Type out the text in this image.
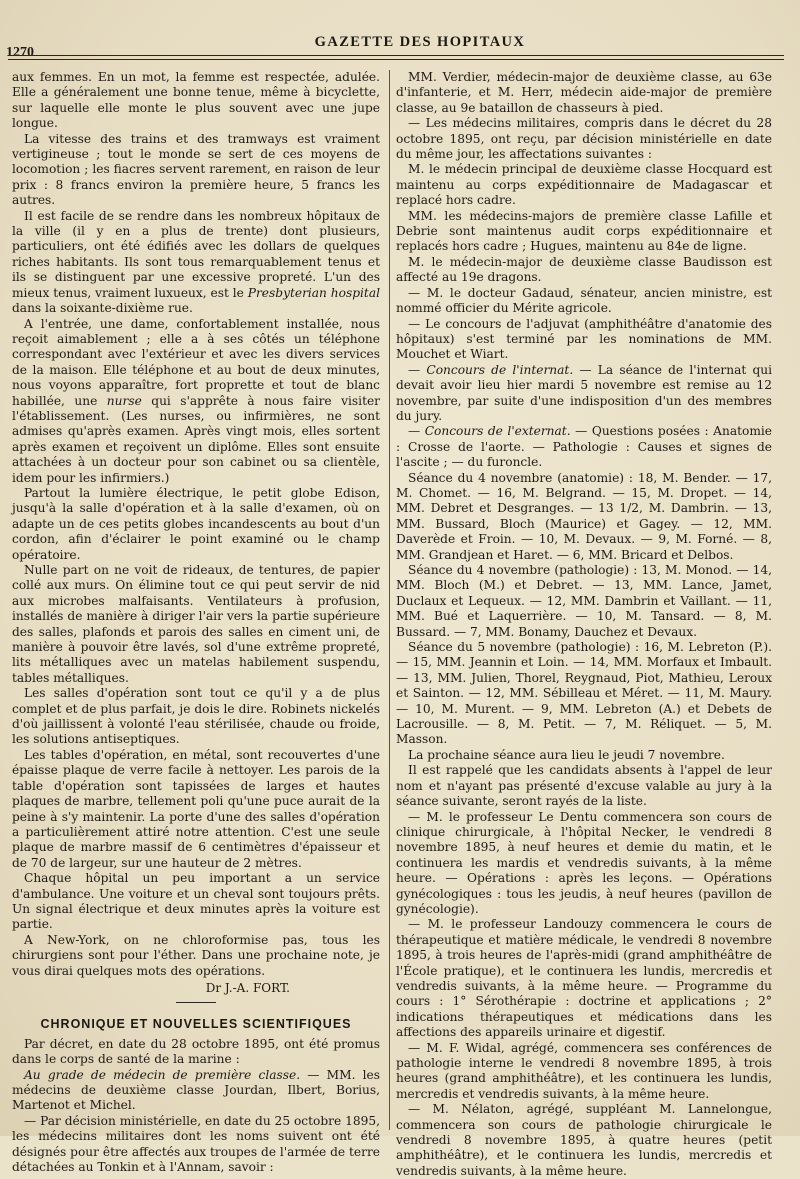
1270
GAZETTE DES HOPITAUX

aux femmes. En un mot, la femme est respectée, adulée. Elle a généralement une bonne tenue, même à bicyclette, sur laquelle elle monte le plus souvent avec une jupe longue.

La vitesse des trains et des tramways est vraiment vertigineuse ; tout le monde se sert de ces moyens de locomotion ; les fiacres servent rarement, en raison de leur prix : 8 francs environ la première heure, 5 francs les autres.

Il est facile de se rendre dans les nombreux hôpitaux de la ville (il y en a plus de trente) dont plusieurs, particuliers, ont été édifiés avec les dollars de quelques riches habitants. Ils sont tous remarquablement tenus et ils se distinguent par une excessive propreté. L'un des mieux tenus, vraiment luxueux, est le Presbyterian hospital dans la soixante-dixième rue.

A l'entrée, une dame, confortablement installée, nous reçoit aimablement ; elle a à ses côtés un téléphone correspondant avec l'extérieur et avec les divers services de la maison. Elle téléphone et au bout de deux minutes, nous voyons apparaître, fort proprette et tout de blanc habillée, une nurse qui s'apprête à nous faire visiter l'établissement. (Les nurses, ou infirmières, ne sont admises qu'après examen. Après vingt mois, elles sortent après examen et reçoivent un diplôme. Elles sont ensuite attachées à un docteur pour son cabinet ou sa clientèle, idem pour les infirmiers.)

Partout la lumière électrique, le petit globe Edison, jusqu'à la salle d'opération et à la salle d'examen, où on adapte un de ces petits globes incandescents au bout d'un cordon, afin d'éclairer le point examiné ou le champ opératoire.

Nulle part on ne voit de rideaux, de tentures, de papier collé aux murs. On élimine tout ce qui peut servir de nid aux microbes malfaisants. Ventilateurs à profusion, installés de manière à diriger l'air vers la partie supérieure des salles, plafonds et parois des salles en ciment uni, de manière à pouvoir être lavés, sol d'une extrême propreté, lits métalliques avec un matelas habilement suspendu, tables métalliques.

Les salles d'opération sont tout ce qu'il y a de plus complet et de plus parfait, je dois le dire. Robinets nickelés d'où jaillissent à volonté l'eau stérilisée, chaude ou froide, les solutions antiseptiques.

Les tables d'opération, en métal, sont recouvertes d'une épaisse plaque de verre facile à nettoyer. Les parois de la table d'opération sont tapissées de larges et hautes plaques de marbre, tellement poli qu'une puce aurait de la peine à s'y maintenir. La porte d'une des salles d'opération a particulièrement attiré notre attention. C'est une seule plaque de marbre massif de 6 centimètres d'épaisseur et de 70 de largeur, sur une hauteur de 2 mètres.

Chaque hôpital un peu important a un service d'ambulance. Une voiture et un cheval sont toujours prêts. Un signal électrique et deux minutes après la voiture est partie.

A New-York, on ne chloroformise pas, tous les chirurgiens sont pour l'éther. Dans une prochaine note, je vous dirai quelques mots des opérations.

Dr J.-A. FORT.
CHRONIQUE ET NOUVELLES SCIENTIFIQUES

Par décret, en date du 28 octobre 1895, ont été promus dans le corps de santé de la marine :

Au grade de médecin de première classe. — MM. les médecins de deuxième classe Jourdan, Ilbert, Borius, Martenot et Michel.

— Par décision ministérielle, en date du 25 octobre 1895, les médecins militaires dont les noms suivent ont été désignés pour être affectés aux troupes de l'armée de terre détachées au Tonkin et à l'Annam, savoir :

MM. Verdier, médecin-major de deuxième classe, au 63e d'infanterie, et M. Herr, médecin aide-major de première classe, au 9e bataillon de chasseurs à pied.

— Les médecins militaires, compris dans le décret du 28 octobre 1895, ont reçu, par décision ministérielle en date du même jour, les affectations suivantes :

M. le médecin principal de deuxième classe Hocquard est maintenu au corps expéditionnaire de Madagascar et replacé hors cadre.

MM. les médecins-majors de première classe Lafille et Debrie sont maintenus audit corps expéditionnaire et replacés hors cadre ; Hugues, maintenu au 84e de ligne.

M. le médecin-major de deuxième classe Baudisson est affecté au 19e dragons.

— M. le docteur Gadaud, sénateur, ancien ministre, est nommé officier du Mérite agricole.

— Le concours de l'adjuvat (amphithéâtre d'anatomie des hôpitaux) s'est terminé par les nominations de MM. Mouchet et Wiart.

— Concours de l'internat. — La séance de l'internat qui devait avoir lieu hier mardi 5 novembre est remise au 12 novembre, par suite d'une indisposition d'un des membres du jury.

— Concours de l'externat. — Questions posées : Anatomie : Crosse de l'aorte. — Pathologie : Causes et signes de l'ascite ; — du furoncle.

Séance du 4 novembre (anatomie) : 18, M. Bender. — 17, M. Chomet. — 16, M. Belgrand. — 15, M. Dropet. — 14, MM. Debret et Desgranges. — 13 1/2, M. Dambrin. — 13, MM. Bussard, Bloch (Maurice) et Gagey. — 12, MM. Daverède et Froin. — 10, M. Devaux. — 9, M. Forné. — 8, MM. Grandjean et Haret. — 6, MM. Bricard et Delbos.

Séance du 4 novembre (pathologie) : 13, M. Monod. — 14, MM. Bloch (M.) et Debret. — 13, MM. Lance, Jamet, Duclaux et Lequeux. — 12, MM. Dambrin et Vaillant. — 11, MM. Bué et Laquerrière. — 10, M. Tansard. — 8, M. Bussard. — 7, MM. Bonamy, Dauchez et Devaux.

Séance du 5 novembre (pathologie) : 16, M. Lebreton (P.). — 15, MM. Jeannin et Loin. — 14, MM. Morfaux et Imbault. — 13, MM. Julien, Thorel, Reygnaud, Piot, Mathieu, Leroux et Sainton. — 12, MM. Sébilleau et Méret. — 11, M. Maury. — 10, M. Murent. — 9, MM. Lebreton (A.) et Debets de Lacrousille. — 8, M. Petit. — 7, M. Réliquet. — 5, M. Masson.

La prochaine séance aura lieu le jeudi 7 novembre.

Il est rappelé que les candidats absents à l'appel de leur nom et n'ayant pas présenté d'excuse valable au jury à la séance suivante, seront rayés de la liste.

— M. le professeur Le Dentu commencera son cours de clinique chirurgicale, à l'hôpital Necker, le vendredi 8 novembre 1895, à neuf heures et demie du matin, et le continuera les mardis et vendredis suivants, à la même heure. — Opérations : après les leçons. — Opérations gynécologiques : tous les jeudis, à neuf heures (pavillon de gynécologie).

— M. le professeur Landouzy commencera le cours de thérapeutique et matière médicale, le vendredi 8 novembre 1895, à trois heures de l'après-midi (grand amphithéâtre de l'École pratique), et le continuera les lundis, mercredis et vendredis suivants, à la même heure. — Programme du cours : 1° Sérothérapie : doctrine et applications ; 2° indications thérapeutiques et médications dans les affections des appareils urinaire et digestif.

— M. F. Widal, agrégé, commencera ses conférences de pathologie interne le vendredi 8 novembre 1895, à trois heures (grand amphithéâtre), et les continuera les lundis, mercredis et vendredis suivants, à la même heure.

— M. Nélaton, agrégé, suppléant M. Lannelongue, commencera son cours de pathologie chirurgicale le vendredi 8 novembre 1895, à quatre heures (petit amphithéâtre), et le continuera les lundis, mercredis et vendredis suivants, à la même heure.
